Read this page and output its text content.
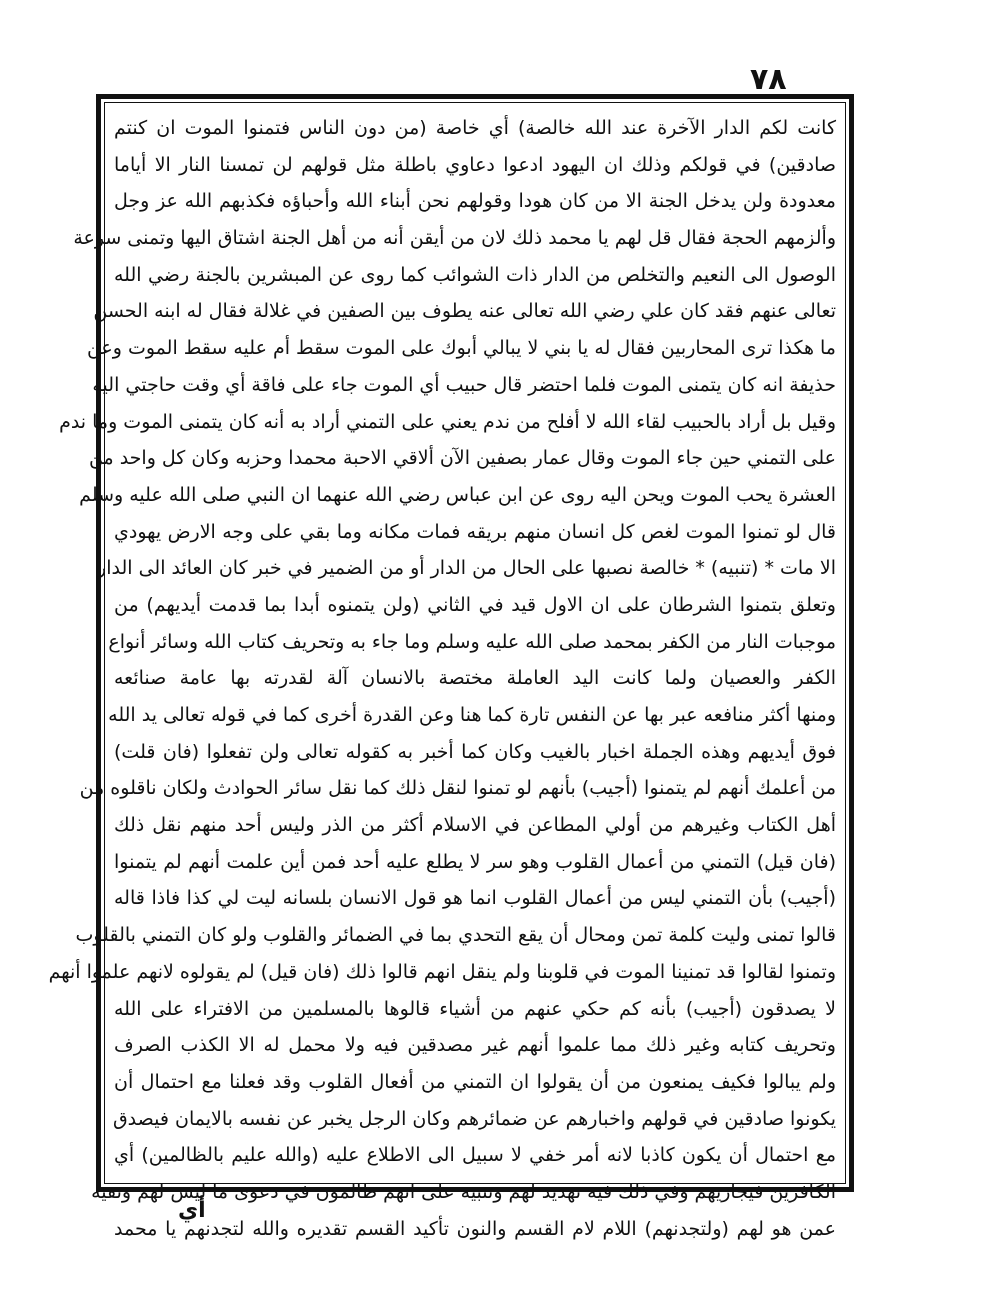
٧٨
كانت لكم الدار الآخرة عند الله خالصة) أي خاصة (من دون الناس فتمنوا الموت ان كنتم
صادقين) في قولكم وذلك ان اليهود ادعوا دعاوي باطلة مثل قولهم لن تمسنا النار الا أياما
معدودة ولن يدخل الجنة الا من كان هودا وقولهم نحن أبناء الله وأحباؤه فكذبهم الله عز وجل
وألزمهم الحجة فقال قل لهم يا محمد ذلك لان من أيقن أنه من أهل الجنة اشتاق اليها وتمنى سرعة
الوصول الى النعيم والتخلص من الدار ذات الشوائب كما روى عن المبشرين بالجنة رضي الله
تعالى عنهم فقد كان علي رضي الله تعالى عنه يطوف بين الصفين في غلالة فقال له ابنه الحسن
ما هكذا ترى المحاربين فقال له يا بني لا يبالي أبوك على الموت سقط أم عليه سقط الموت وعن
حذيفة انه كان يتمنى الموت فلما احتضر قال حبيب أي الموت جاء على فاقة أي وقت حاجتي اليه
وقيل بل أراد بالحبيب لقاء الله لا أفلح من ندم يعني على التمني أراد به أنه كان يتمنى الموت وما ندم
على التمني حين جاء الموت وقال عمار بصفين الآن ألاقي الاحبة محمدا وحزبه وكان كل واحد من
العشرة يحب الموت ويحن اليه روى عن ابن عباس رضي الله عنهما ان النبي صلى الله عليه وسلم
قال لو تمنوا الموت لغص كل انسان منهم بريقه فمات مكانه وما بقي على وجه الارض يهودي
الا مات * (تنبيه) * خالصة نصبها على الحال من الدار أو من الضمير في خبر كان العائد الى الدار
وتعلق بتمنوا الشرطان على ان الاول قيد في الثاني (ولن يتمنوه أبدا بما قدمت أيديهم) من
موجبات النار من الكفر بمحمد صلى الله عليه وسلم وما جاء به وتحريف كتاب الله وسائر أنواع
الكفر والعصيان ولما كانت اليد العاملة مختصة بالانسان آلة لقدرته بها عامة صنائعه
ومنها أكثر منافعه عبر بها عن النفس تارة كما هنا وعن القدرة أخرى كما في قوله تعالى يد الله
فوق أيديهم وهذه الجملة اخبار بالغيب وكان كما أخبر به كقوله تعالى ولن تفعلوا (فان قلت)
من أعلمك أنهم لم يتمنوا (أجيب) بأنهم لو تمنوا لنقل ذلك كما نقل سائر الحوادث ولكان ناقلوه من
أهل الكتاب وغيرهم من أولي المطاعن في الاسلام أكثر من الذر وليس أحد منهم نقل ذلك
(فان قيل) التمني من أعمال القلوب وهو سر لا يطلع عليه أحد فمن أين علمت أنهم لم يتمنوا
(أجيب) بأن التمني ليس من أعمال القلوب انما هو قول الانسان بلسانه ليت لي كذا فاذا قاله
قالوا تمنى وليت كلمة تمن ومحال أن يقع التحدي بما في الضمائر والقلوب ولو كان التمني بالقلوب
وتمنوا لقالوا قد تمنينا الموت في قلوبنا ولم ينقل انهم قالوا ذلك (فان قيل) لم يقولوه لانهم علموا أنهم
لا يصدقون (أجيب) بأنه كم حكي عنهم من أشياء قالوها بالمسلمين من الافتراء على الله
وتحريف كتابه وغير ذلك مما علموا أنهم غير مصدقين فيه ولا محمل له الا الكذب الصرف
ولم يبالوا فكيف يمنعون من أن يقولوا ان التمني من أفعال القلوب وقد فعلنا مع احتمال أن
يكونوا صادقين في قولهم واخبارهم عن ضمائرهم وكان الرجل يخبر عن نفسه بالايمان فيصدق
مع احتمال أن يكون كاذبا لانه أمر خفي لا سبيل الى الاطلاع عليه (والله عليم بالظالمين) أي
الكافرين فيجازيهم وفي ذلك فيه تهديد لهم وتنبيه على انهم ظالمون في دعوى ما ليس لهم ونفيه
عمن هو لهم (ولتجدنهم) اللام لام القسم والنون تأكيد القسم تقديره والله لتجدنهم يا محمد
أي
